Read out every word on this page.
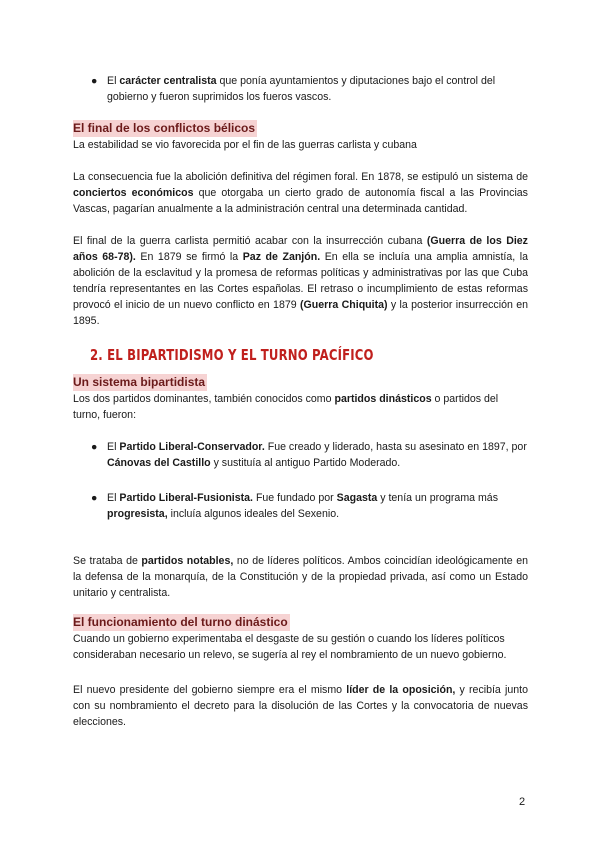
● El carácter centralista que ponía ayuntamientos y diputaciones bajo el control del gobierno y fueron suprimidos los fueros vascos.
El final de los conflictos bélicos
La estabilidad se vio favorecida por el fin de las guerras carlista y cubana
La consecuencia fue la abolición definitiva del régimen foral. En 1878, se estipuló un sistema de conciertos económicos que otorgaba un cierto grado de autonomía fiscal a las Provincias Vascas, pagarían anualmente a la administración central una determinada cantidad.
El final de la guerra carlista permitió acabar con la insurrección cubana (Guerra de los Diez años 68-78). En 1879 se firmó la Paz de Zanjón. En ella se incluía una amplia amnistía, la abolición de la esclavitud y la promesa de reformas políticas y administrativas por las que Cuba tendría representantes en las Cortes españolas. El retraso o incumplimiento de estas reformas provocó el inicio de un nuevo conflicto en 1879 (Guerra Chiquita) y la posterior insurrección en 1895.
2. EL BIPARTIDISMO Y EL TURNO PACÍFICO
Un sistema bipartidista
Los dos partidos dominantes, también conocidos como partidos dinásticos o partidos del turno, fueron:
● El Partido Liberal-Conservador. Fue creado y liderado, hasta su asesinato en 1897, por Cánovas del Castillo y sustituía al antiguo Partido Moderado.
● El Partido Liberal-Fusionista. Fue fundado por Sagasta y tenía un programa más progresista, incluía algunos ideales del Sexenio.
Se trataba de partidos notables, no de líderes políticos. Ambos coincidían ideológicamente en la defensa de la monarquía, de la Constitución y de la propiedad privada, así como un Estado unitario y centralista.
El funcionamiento del turno dinástico
Cuando un gobierno experimentaba el desgaste de su gestión o cuando los líderes políticos consideraban necesario un relevo, se sugería al rey el nombramiento de un nuevo gobierno.
El nuevo presidente del gobierno siempre era el mismo líder de la oposición, y recibía junto con su nombramiento el decreto para la disolución de las Cortes y la convocatoria de nuevas elecciones.
2
